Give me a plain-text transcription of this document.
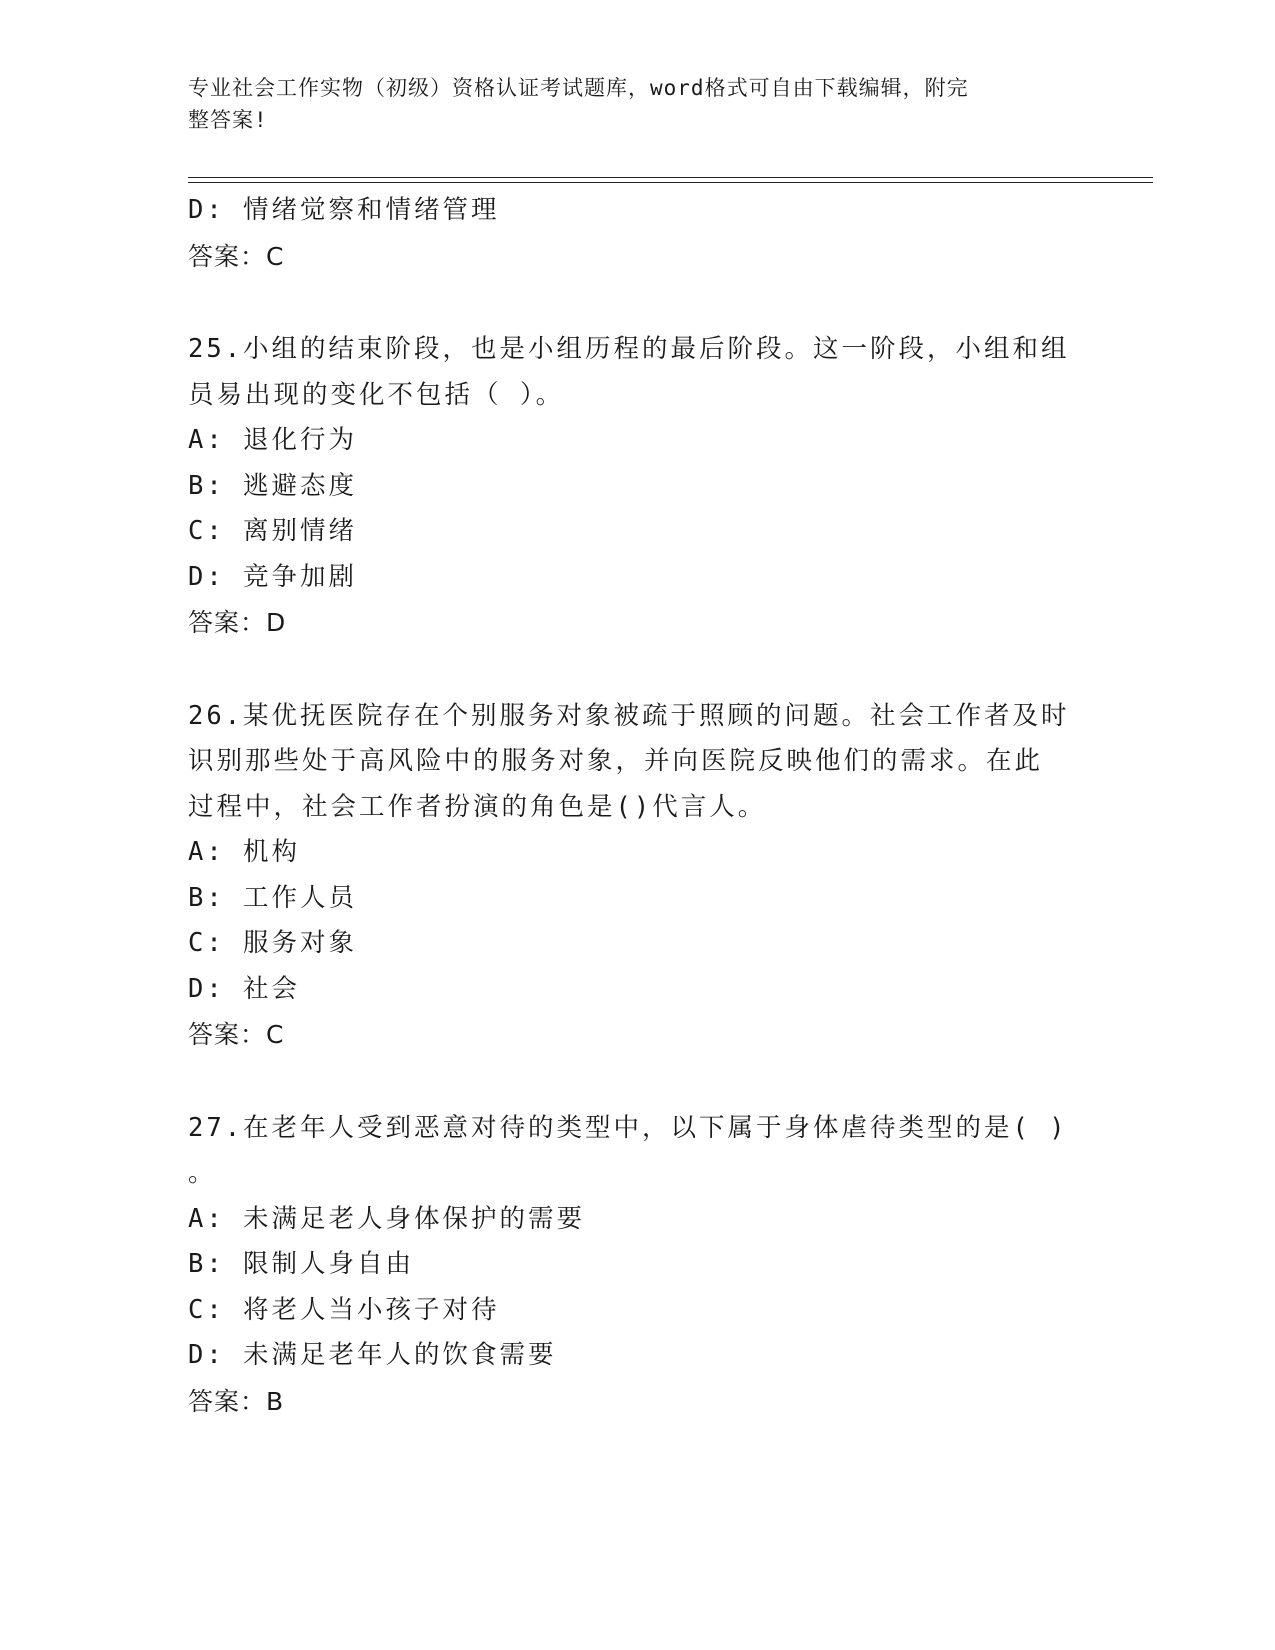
专业社会工作实物（初级）资格认证考试题库，word格式可自由下载编辑，附完
整答案!
D: 情绪觉察和情绪管理
答案：C
25.小组的结束阶段，也是小组历程的最后阶段。这一阶段，小组和组
员易出现的变化不包括（ ）。
A: 退化行为
B: 逃避态度
C: 离别情绪
D: 竞争加剧
答案：D
26.某优抚医院存在个别服务对象被疏于照顾的问题。社会工作者及时
识别那些处于高风险中的服务对象，并向医院反映他们的需求。在此
过程中，社会工作者扮演的角色是()代言人。
A: 机构
B: 工作人员
C: 服务对象
D: 社会
答案：C
27.在老年人受到恶意对待的类型中，以下属于身体虐待类型的是( )
。
A: 未满足老人身体保护的需要
B: 限制人身自由
C: 将老人当小孩子对待
D: 未满足老年人的饮食需要
答案：B
